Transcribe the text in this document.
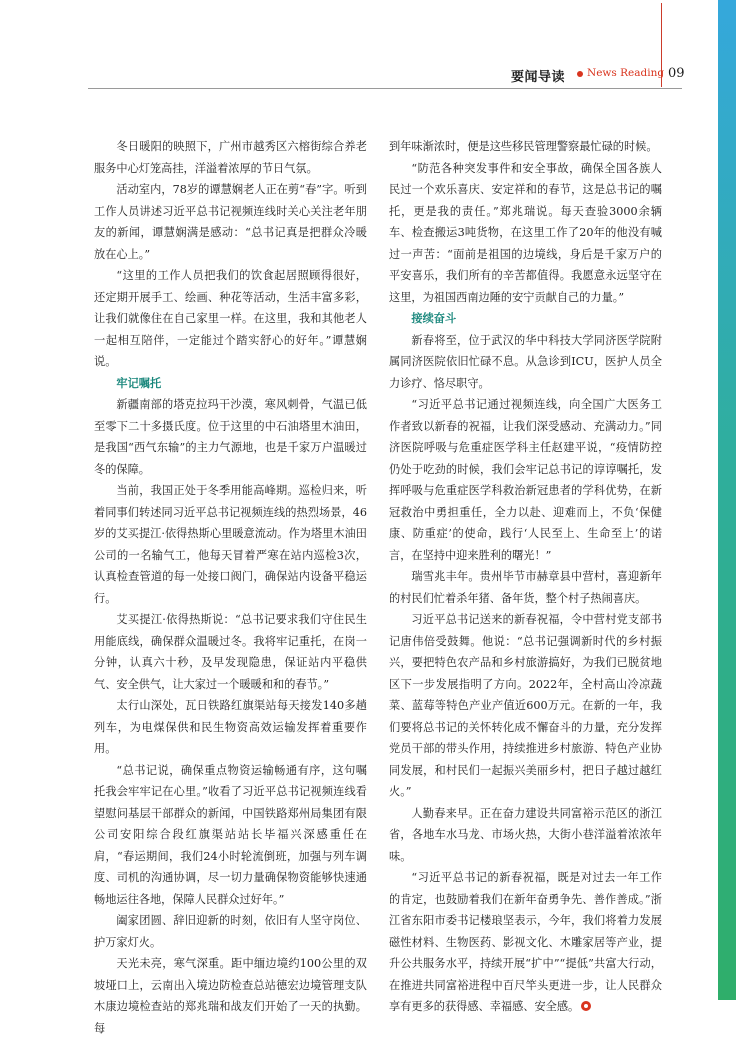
要闻导读 News Reading 09

冬日暖阳的映照下，广州市越秀区六榕街综合养老服务中心灯笼高挂，洋溢着浓厚的节日气氛。

活动室内，78岁的谭慧娴老人正在剪“春”字。听到工作人员讲述习近平总书记视频连线时关心关注老年朋友的新闻，谭慧娴满是感动：“总书记真是把群众冷暖放在心上。”

“这里的工作人员把我们的饮食起居照顾得很好，还定期开展手工、绘画、种花等活动，生活丰富多彩，让我们就像住在自己家里一样。在这里，我和其他老人一起相互陪伴，一定能过个踏实舒心的好年。”谭慧娴说。

牢记嘱托

新疆南部的塔克拉玛干沙漠，寒风刺骨，气温已低至零下二十多摄氏度。位于这里的中石油塔里木油田，是我国“西气东输”的主力气源地，也是千家万户温暖过冬的保障。

当前，我国正处于冬季用能高峰期。巡检归来，听着同事们转述同习近平总书记视频连线的热烈场景，46岁的艾买提江·依得热斯心里暖意流动。作为塔里木油田公司的一名输气工，他每天冒着严寒在站内巡检3次，认真检查管道的每一处接口阀门，确保站内设备平稳运行。

艾买提江·依得热斯说：“总书记要求我们守住民生用能底线，确保群众温暖过冬。我将牢记重托，在岗一分钟，认真六十秒，及早发现隐患，保证站内平稳供气、安全供气，让大家过一个暖暖和和的春节。”

太行山深处，瓦日铁路红旗渠站每天接发140多趟列车，为电煤保供和民生物资高效运输发挥着重要作用。

“总书记说，确保重点物资运输畅通有序，这句嘱托我会牢牢记在心里。”收看了习近平总书记视频连线看望慰问基层干部群众的新闻，中国铁路郑州局集团有限公司安阳综合段红旗渠站站长毕福兴深感重任在肩，“春运期间，我们24小时轮流倒班，加强与列车调度、司机的沟通协调，尽一切力量确保物资能够快速通畅地运往各地，保障人民群众过好年。”

阖家团圆、辞旧迎新的时刻，依旧有人坚守岗位、护万家灯火。

天光未亮，寒气深重。距中缅边境约100公里的双坡垭口上，云南出入境边防检查总站德宏边境管理支队木康边境检查站的郑兆瑞和战友们开始了一天的执勤。每

到年味渐浓时，便是这些移民管理警察最忙碌的时候。

“防范各种突发事件和安全事故，确保全国各族人民过一个欢乐喜庆、安定祥和的春节，这是总书记的嘱托，更是我的责任。”郑兆瑞说。每天查验3000余辆车、检查搬运3吨货物，在这里工作了20年的他没有喊过一声苦：“面前是祖国的边境线，身后是千家万户的平安喜乐，我们所有的辛苦都值得。我愿意永远坚守在这里，为祖国西南边陲的安宁贡献自己的力量。”

接续奋斗

新春将至，位于武汉的华中科技大学同济医学院附属同济医院依旧忙碌不息。从急诊到ICU，医护人员全力诊疗、恪尽职守。

“习近平总书记通过视频连线，向全国广大医务工作者致以新春的祝福，让我们深受感动、充满动力。”同济医院呼吸与危重症医学科主任赵建平说，“疫情防控仍处于吃劲的时候，我们会牢记总书记的谆谆嘱托，发挥呼吸与危重症医学科救治新冠患者的学科优势，在新冠救治中勇担重任，全力以赴、迎难而上，不负‘保健康、防重症’的使命，践行‘人民至上、生命至上’的诺言，在坚持中迎来胜利的曙光！”

瑞雪兆丰年。贵州毕节市赫章县中营村，喜迎新年的村民们忙着杀年猪、备年货，整个村子热闹喜庆。

习近平总书记送来的新春祝福，令中营村党支部书记唐伟倍受鼓舞。他说：“总书记强调新时代的乡村振兴，要把特色农产品和乡村旅游搞好，为我们已脱贫地区下一步发展指明了方向。2022年，全村高山冷凉蔬菜、蓝莓等特色产业产值近600万元。在新的一年，我们要将总书记的关怀转化成不懈奋斗的力量，充分发挥党员干部的带头作用，持续推进乡村旅游、特色产业协同发展，和村民们一起振兴美丽乡村，把日子越过越红火。”

人勤春来早。正在奋力建设共同富裕示范区的浙江省，各地车水马龙、市场火热，大街小巷洋溢着浓浓年味。

“习近平总书记的新春祝福，既是对过去一年工作的肯定，也鼓励着我们在新年奋勇争先、善作善成。”浙江省东阳市委书记楼琅坚表示，今年，我们将着力发展磁性材料、生物医药、影视文化、木雕家居等产业，提升公共服务水平，持续开展“扩中”“提低”共富大行动，在推进共同富裕进程中百尺竿头更进一步，让人民群众享有更多的获得感、幸福感、安全感。
